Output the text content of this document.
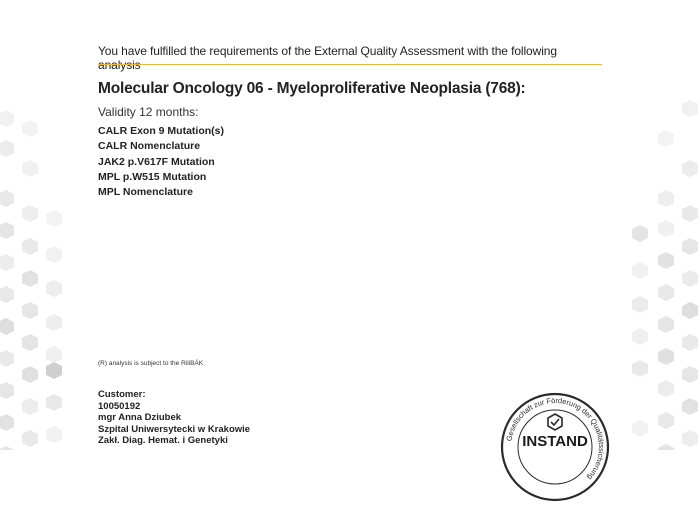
You have fulfilled the requirements of the External Quality Assessment with the following analysis
Molecular Oncology 06 - Myeloproliferative Neoplasia (768):
Validity 12 months:
CALR Exon 9 Mutation(s)
CALR Nomenclature
JAK2 p.V617F Mutation
MPL p.W515 Mutation
MPL Nomenclature
(R) analysis is subject to the RiliBÄK
Customer:
10050192
mgr Anna Dziubek
Szpital Uniwersytecki w Krakowie
Zakł. Diag. Hemat. i Genetyki	Gesellschaft zur Förderung der Qualitätssicherung
INSTAND
